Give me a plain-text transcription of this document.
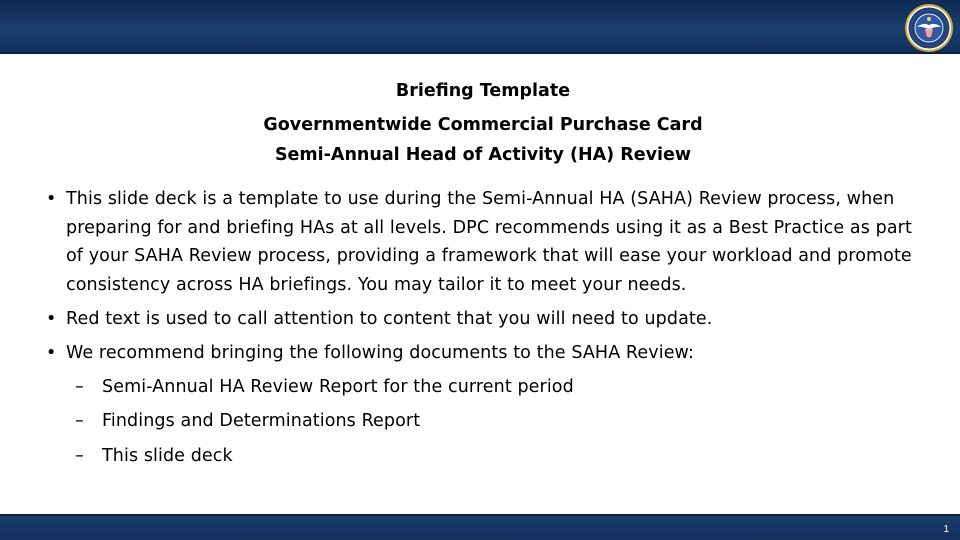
Briefing Template
Governmentwide Commercial Purchase Card
Semi-Annual Head of Activity (HA) Review
• This slide deck is a template to use during the Semi-Annual HA (SAHA) Review process, when preparing for and briefing HAs at all levels. DPC recommends using it as a Best Practice as part of your SAHA Review process, providing a framework that will ease your workload and promote consistency across HA briefings. You may tailor it to meet your needs.
• Red text is used to call attention to content that you will need to update.
• We recommend bringing the following documents to the SAHA Review:
– Semi-Annual HA Review Report for the current period
– Findings and Determinations Report
– This slide deck
1
